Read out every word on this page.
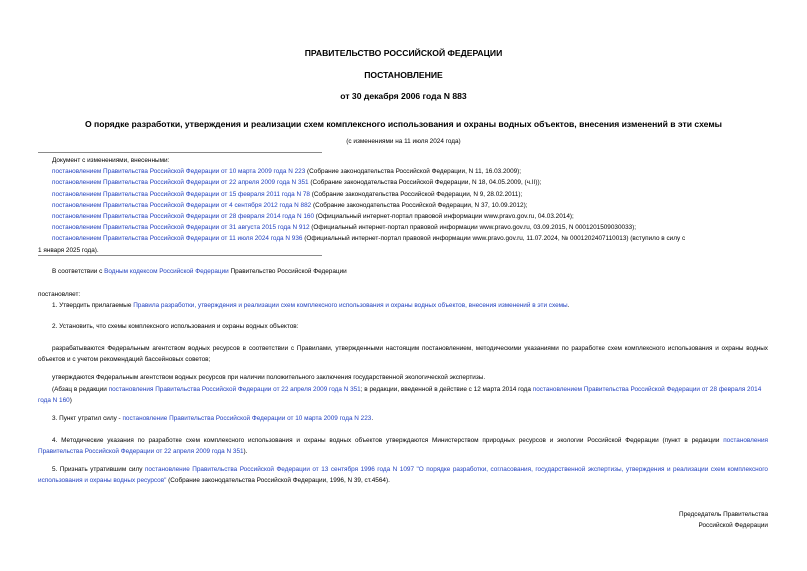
ПРАВИТЕЛЬСТВО РОССИЙСКОЙ ФЕДЕРАЦИИ
ПОСТАНОВЛЕНИЕ
от 30 декабря 2006 года N 883
О порядке разработки, утверждения и реализации схем комплексного использования и охраны водных объектов, внесения изменений в эти схемы
(с изменениями на 11 июля 2024 года)
Документ с изменениями, внесенными:
постановлением Правительства Российской Федерации от 10 марта 2009 года N 223 (Собрание законодательства Российской Федерации, N 11, 16.03.2009);
постановлением Правительства Российской Федерации от 22 апреля 2009 года N 351 (Собрание законодательства Российской Федерации, N 18, 04.05.2009, (ч.II));
постановлением Правительства Российской Федерации от 15 февраля 2011 года N 78 (Собрание законодательства Российской Федерации, N 9, 28.02.2011);
постановлением Правительства Российской Федерации от 4 сентября 2012 года N 882 (Собрание законодательства Российской Федерации, N 37, 10.09.2012);
постановлением Правительства Российской Федерации от 28 февраля 2014 года N 160 (Официальный интернет-портал правовой информации www.pravo.gov.ru, 04.03.2014);
постановлением Правительства Российской Федерации от 31 августа 2015 года N 912 (Официальный интернет-портал правовой информации www.pravo.gov.ru, 03.09.2015, N 0001201509030033);
постановлением Правительства Российской Федерации от 11 июля 2024 года N 936 (Официальный интернет-портал правовой информации www.pravo.gov.ru, 11.07.2024, № 0001202407110013) (вступило в силу с
1 января 2025 года).
В соответствии с Водным кодексом Российской Федерации Правительство Российской Федерации
постановляет:
1. Утвердить прилагаемые Правила разработки, утверждения и реализации схем комплексного использования и охраны водных объектов, внесения изменений в эти схемы.
2. Установить, что схемы комплексного использования и охраны водных объектов:
разрабатываются Федеральным агентством водных ресурсов в соответствии с Правилами, утвержденными настоящим постановлением, методическими указаниями по разработке схем комплексного использования и охраны водных объектов и с учетом рекомендаций бассейновых советов;
утверждаются Федеральным агентством водных ресурсов при наличии положительного заключения государственной экологической экспертизы.
(Абзац в редакции постановления Правительства Российской Федерации от 22 апреля 2009 года N 351; в редакции, введенной в действие с 12 марта 2014 года постановлением Правительства Российской Федерации от 28 февраля 2014 года N 160)
3. Пункт утратил силу - постановление Правительства Российской Федерации от 10 марта 2009 года N 223.
4. Методические указания по разработке схем комплексного использования и охраны водных объектов утверждаются Министерством природных ресурсов и экологии Российской Федерации (пункт в редакции постановления Правительства Российской Федерации от 22 апреля 2009 года N 351).
5. Признать утратившим силу постановление Правительства Российской Федерации от 13 сентября 1996 года N 1097 "О порядке разработки, согласования, государственной экспертизы, утверждения и реализации схем комплексного использования и охраны водных ресурсов" (Собрание законодательства Российской Федерации, 1996, N 39, ст.4564).
Председатель Правительства
Российской Федерации
